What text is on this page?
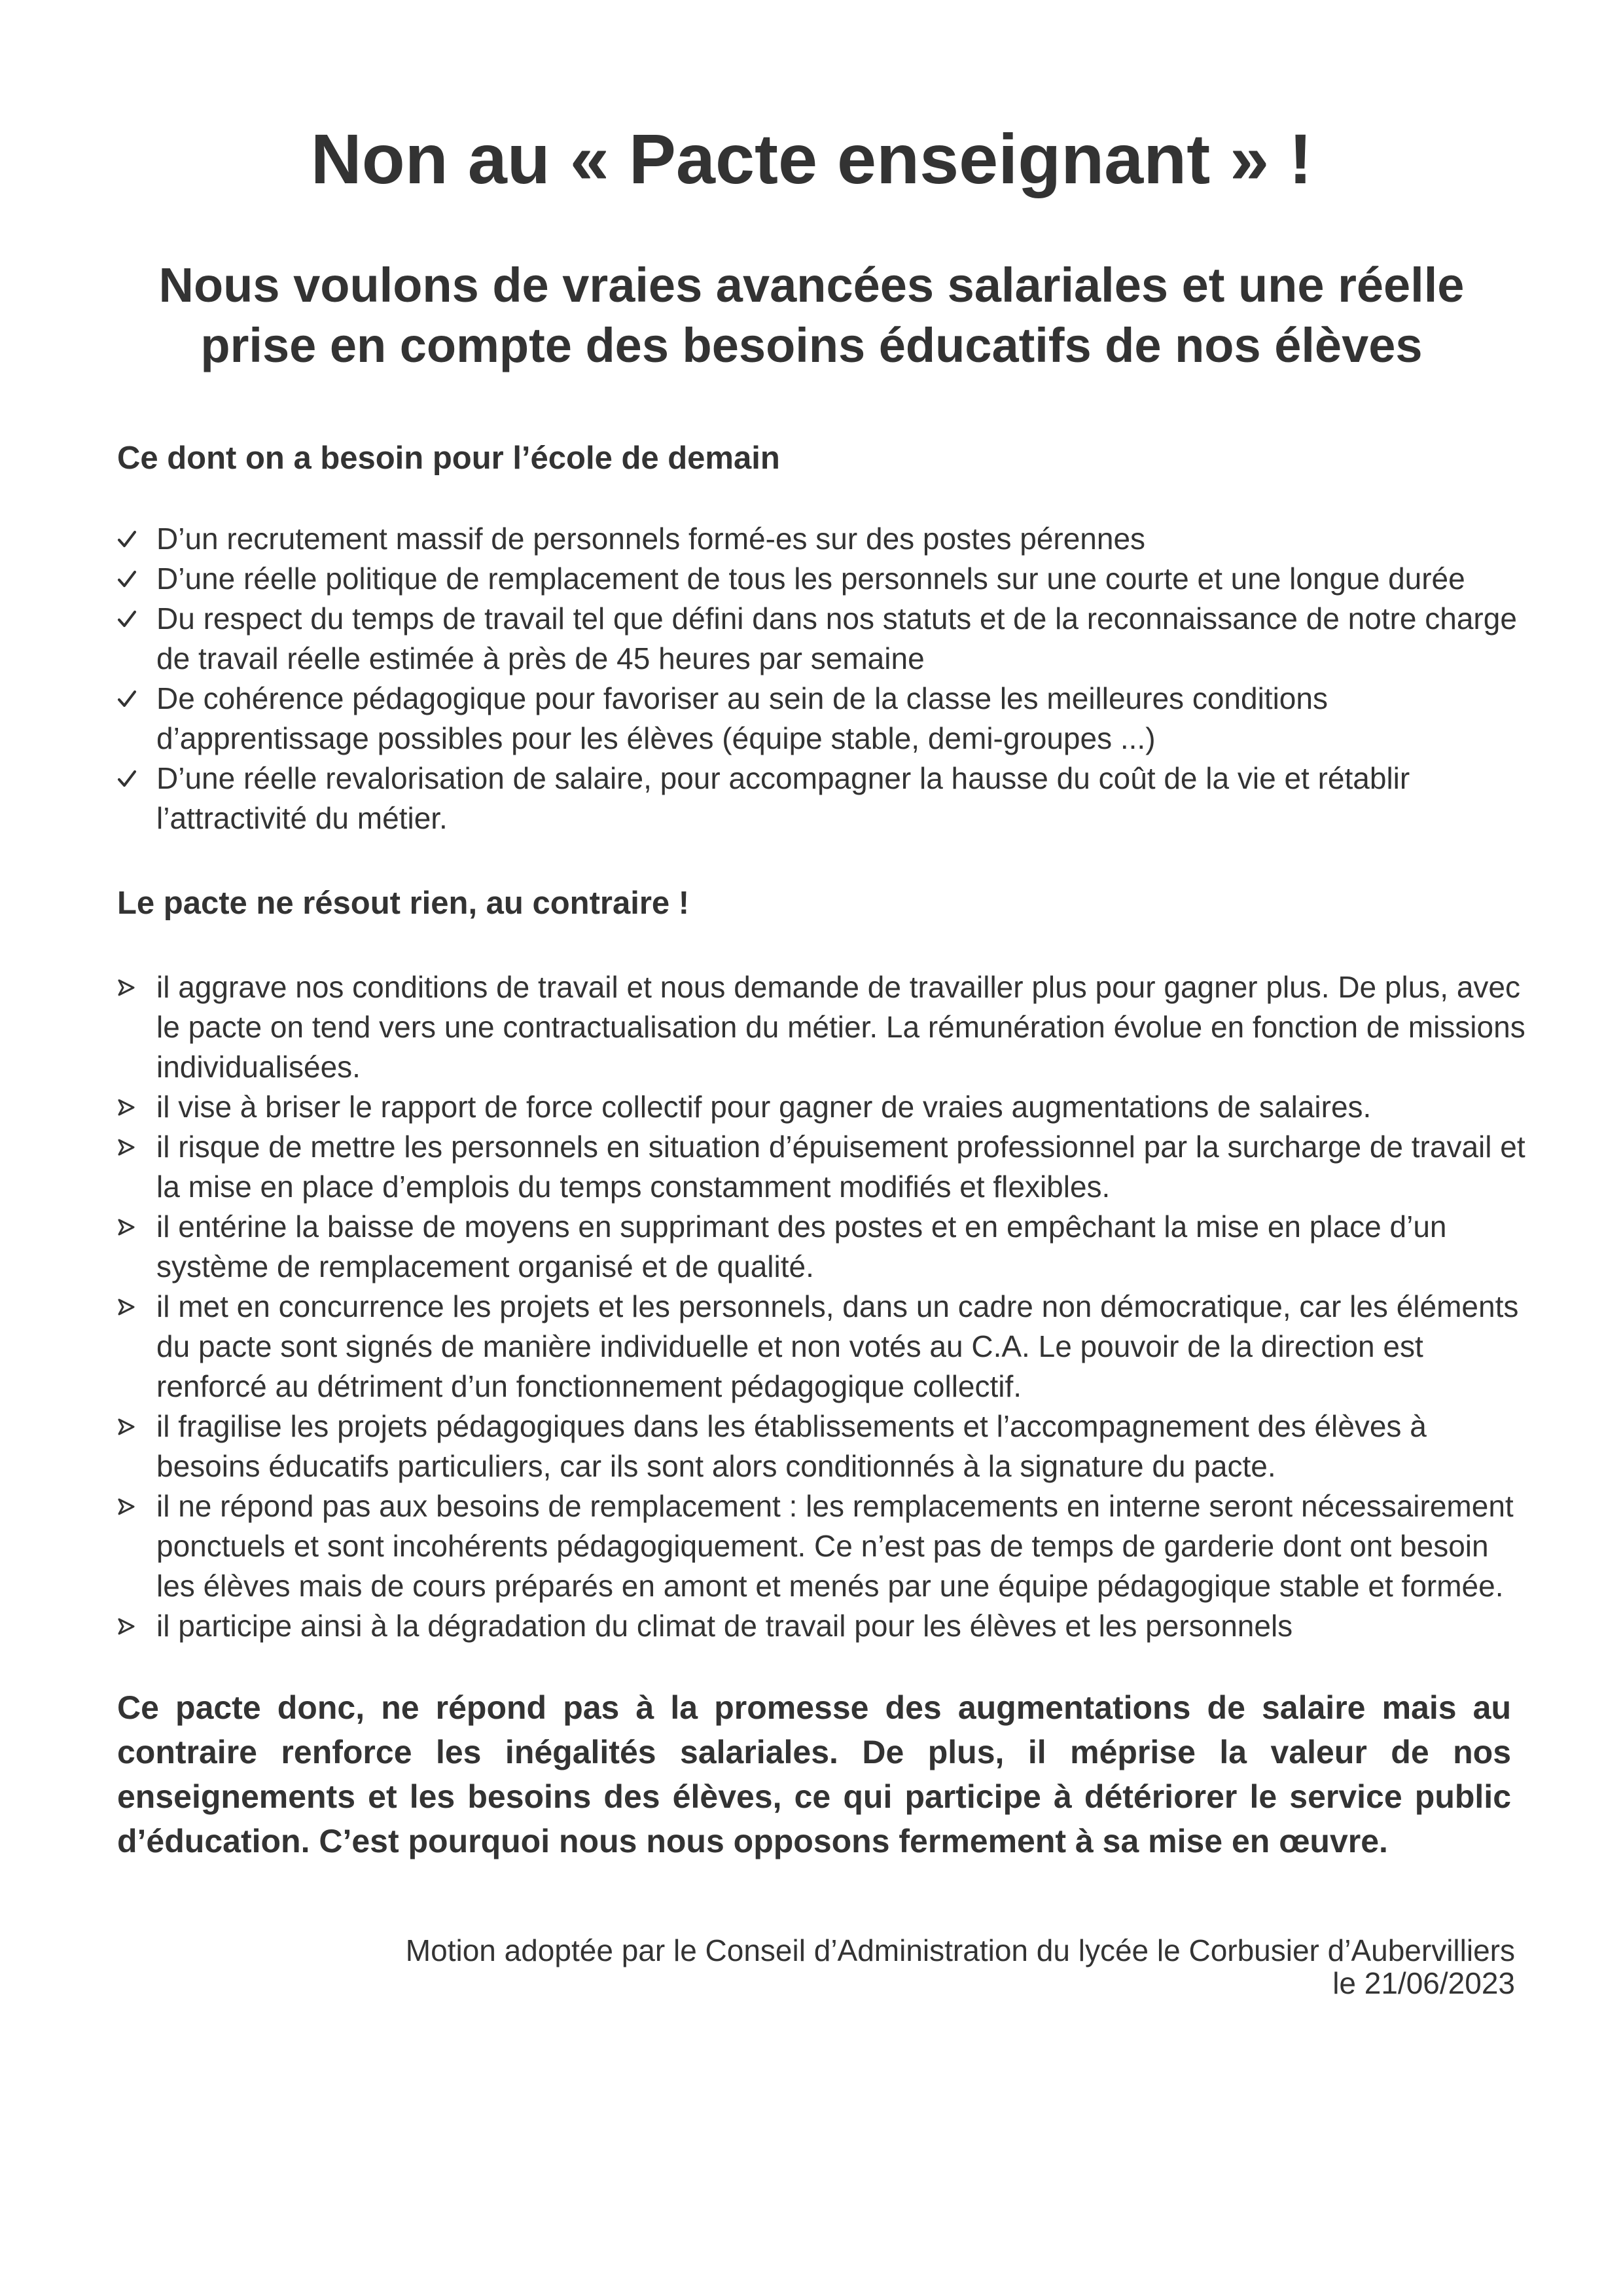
Non au « Pacte enseignant » !
Nous voulons de vraies avancées salariales et une réelle prise en compte des besoins éducatifs de nos élèves
Ce dont on a besoin pour l’école de demain
D’un recrutement massif de personnels formé-es sur des postes pérennes
D’une réelle politique de remplacement de tous les personnels sur une courte et une longue durée
Du respect du temps de travail tel que défini dans nos statuts et de la reconnaissance de notre charge de travail réelle estimée à près de 45 heures par semaine
De cohérence pédagogique pour favoriser au sein de la classe les meilleures conditions d’apprentissage possibles pour les élèves (équipe stable, demi-groupes ...)
D’une réelle revalorisation de salaire, pour accompagner la hausse du coût de la vie et rétablir l’attractivité du métier.
Le pacte ne résout rien, au contraire !
il aggrave nos conditions de travail et nous demande de travailler plus pour gagner plus. De plus, avec le pacte on tend vers une contractualisation du métier. La rémunération évolue en fonction de missions individualisées.
il vise à briser le rapport de force collectif pour gagner de vraies augmentations de salaires.
il risque de mettre les personnels en situation d’épuisement professionnel par la surcharge de travail et la mise en place d’emplois du temps constamment modifiés et flexibles.
il entérine la baisse de moyens en supprimant des postes et en empêchant la mise en place d’un système de remplacement organisé et de qualité.
il met en concurrence les projets et les personnels, dans un cadre non démocratique, car les éléments du pacte sont signés de manière individuelle et non votés au C.A. Le pouvoir de la direction est renforcé au détriment d’un fonctionnement pédagogique collectif.
il fragilise les projets pédagogiques dans les établissements et l’accompagnement des élèves à besoins éducatifs particuliers, car ils sont alors conditionnés à la signature du pacte.
il ne répond pas aux besoins de remplacement : les remplacements en interne seront nécessairement ponctuels et sont incohérents pédagogiquement. Ce n’est pas de temps de garderie dont ont besoin les élèves mais de cours préparés en amont et menés par une équipe pédagogique stable et formée.
il participe ainsi à la dégradation du climat de travail pour les élèves et les personnels

Ce pacte donc, ne répond pas à la promesse des augmentations de salaire mais au contraire renforce les inégalités salariales. De plus, il méprise la valeur de nos enseignements et les besoins des élèves, ce qui participe à détériorer le service public d’éducation. C’est pourquoi nous nous opposons fermement à sa mise en œuvre.

Motion adoptée par le Conseil d’Administration du lycée le Corbusier d’Aubervilliers
le 21/06/2023
